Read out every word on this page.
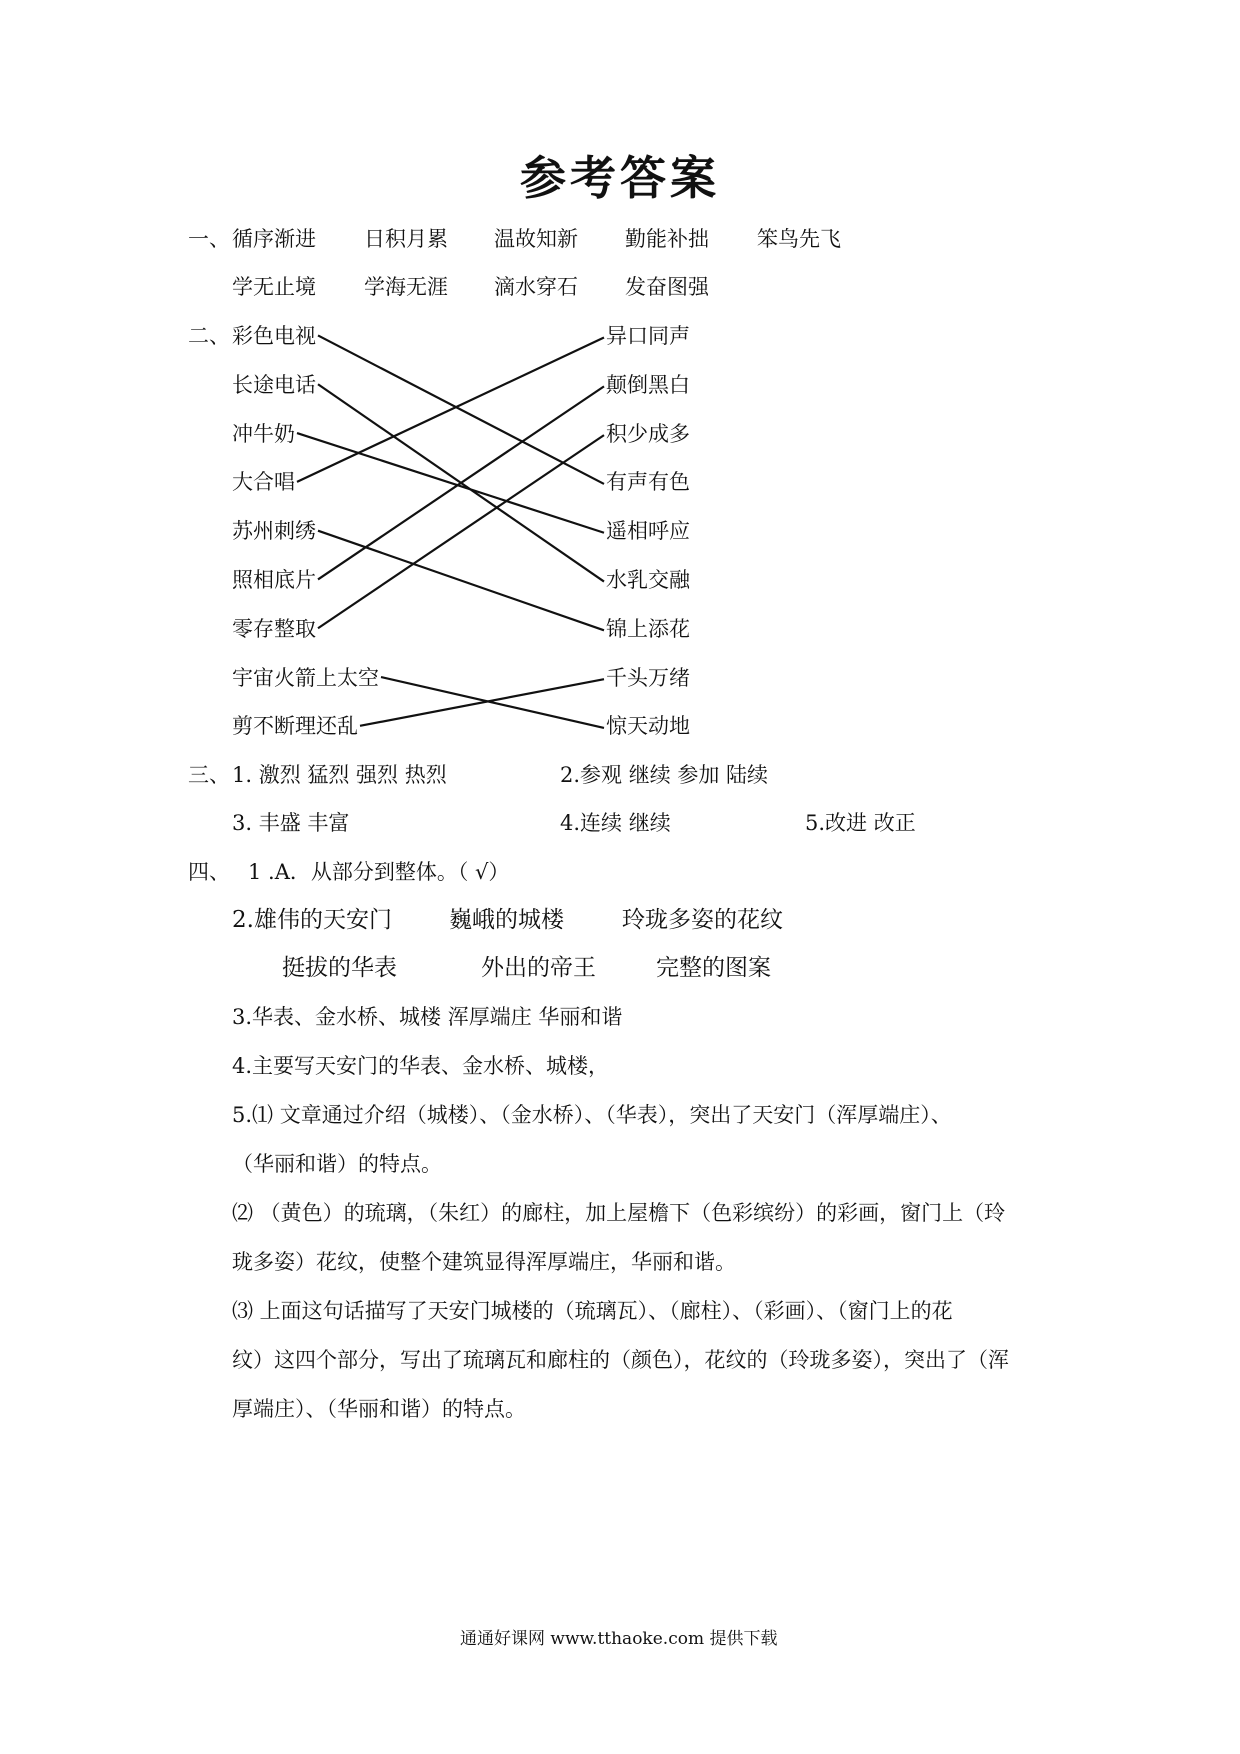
参考答案
一、 循序渐进 日积月累 温故知新 勤能补拙 笨鸟先飞
学无止境 学海无涯 滴水穿石 发奋图强
二、 彩色电视
长途电话
冲牛奶
大合唱
苏州刺绣
照相底片
零存整取
宇宙火箭上太空
剪不断理还乱
异口同声
颠倒黑白
积少成多
有声有色
遥相呼应
水乳交融
锦上添花
千头万绪
惊天动地
三、 1. 激烈 猛烈 强烈 热烈	2.参观 继续 参加 陆续
3. 丰盛 丰富	4.连续 继续	5.改进 改正
四、 1 .A．从部分到整体。（ √）
2.雄伟的天安门 巍峨的城楼	玲珑多姿的花纹
挺拔的华表	外出的帝王	完整的图案
3.华表、金水桥、城楼 浑厚端庄 华丽和谐
4.主要写天安门的华表、金水桥、城楼，
5.⑴ 文章通过介绍（城楼）、（金水桥）、（华表），突出了天安门（浑厚端庄）、
（华丽和谐）的特点。
⑵ （黄色）的琉璃，（朱红）的廊柱，加上屋檐下（色彩缤纷）的彩画，窗门上（玲
珑多姿）花纹，使整个建筑显得浑厚端庄，华丽和谐。
⑶ 上面这句话描写了天安门城楼的（琉璃瓦）、（廊柱）、（彩画）、（窗门上的花
纹）这四个部分，写出了琉璃瓦和廊柱的（颜色），花纹的（玲珑多姿），突出了（浑
厚端庄）、（华丽和谐）的特点。
通通好课网 www.tthaoke.com 提供下载
